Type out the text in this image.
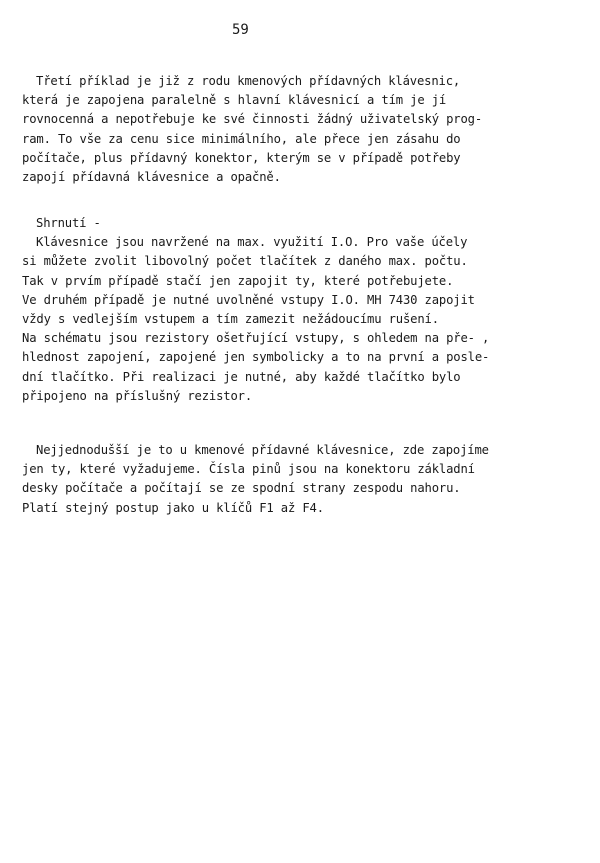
59
Třetí příklad je již z rodu kmenových přídavných klávesnic,
která je zapojena paralelně s hlavní klávesnicí a tím je jí
rovnocenná a nepotřebuje ke své činnosti žádný uživatelský prog-
ram. To vše za cenu sice minimálního, ale přece jen zásahu do
počítače, plus přídavný konektor, kterým se v případě potřeby
zapojí přídavná klávesnice a opačně.
Shrnutí -
Klávesnice jsou navržené na max. využití I.O. Pro vaše účely
si můžete zvolit libovolný počet tlačítek z daného max. počtu.
Tak v prvím případě stačí jen zapojit ty, které potřebujete.
Ve druhém případě je nutné uvolněné vstupy I.O. MH 7430 zapojit
vždy s vedlejším vstupem a tím zamezit nežádoucímu rušení.
Na schématu jsou rezistory ošetřující vstupy, s ohledem na pře- ,
hlednost zapojení, zapojené jen symbolicky a to na první a posle-
dní tlačítko. Při realizaci je nutné, aby každé tlačítko bylo
připojeno na příslušný rezistor.
Nejjednodušší je to u kmenové přídavné klávesnice, zde zapojíme
jen ty, které vyžadujeme. Čísla pinů jsou na konektoru základní
desky počítače a počítají se ze spodní strany zespodu nahoru.
Platí stejný postup jako u klíčů F1 až F4.
